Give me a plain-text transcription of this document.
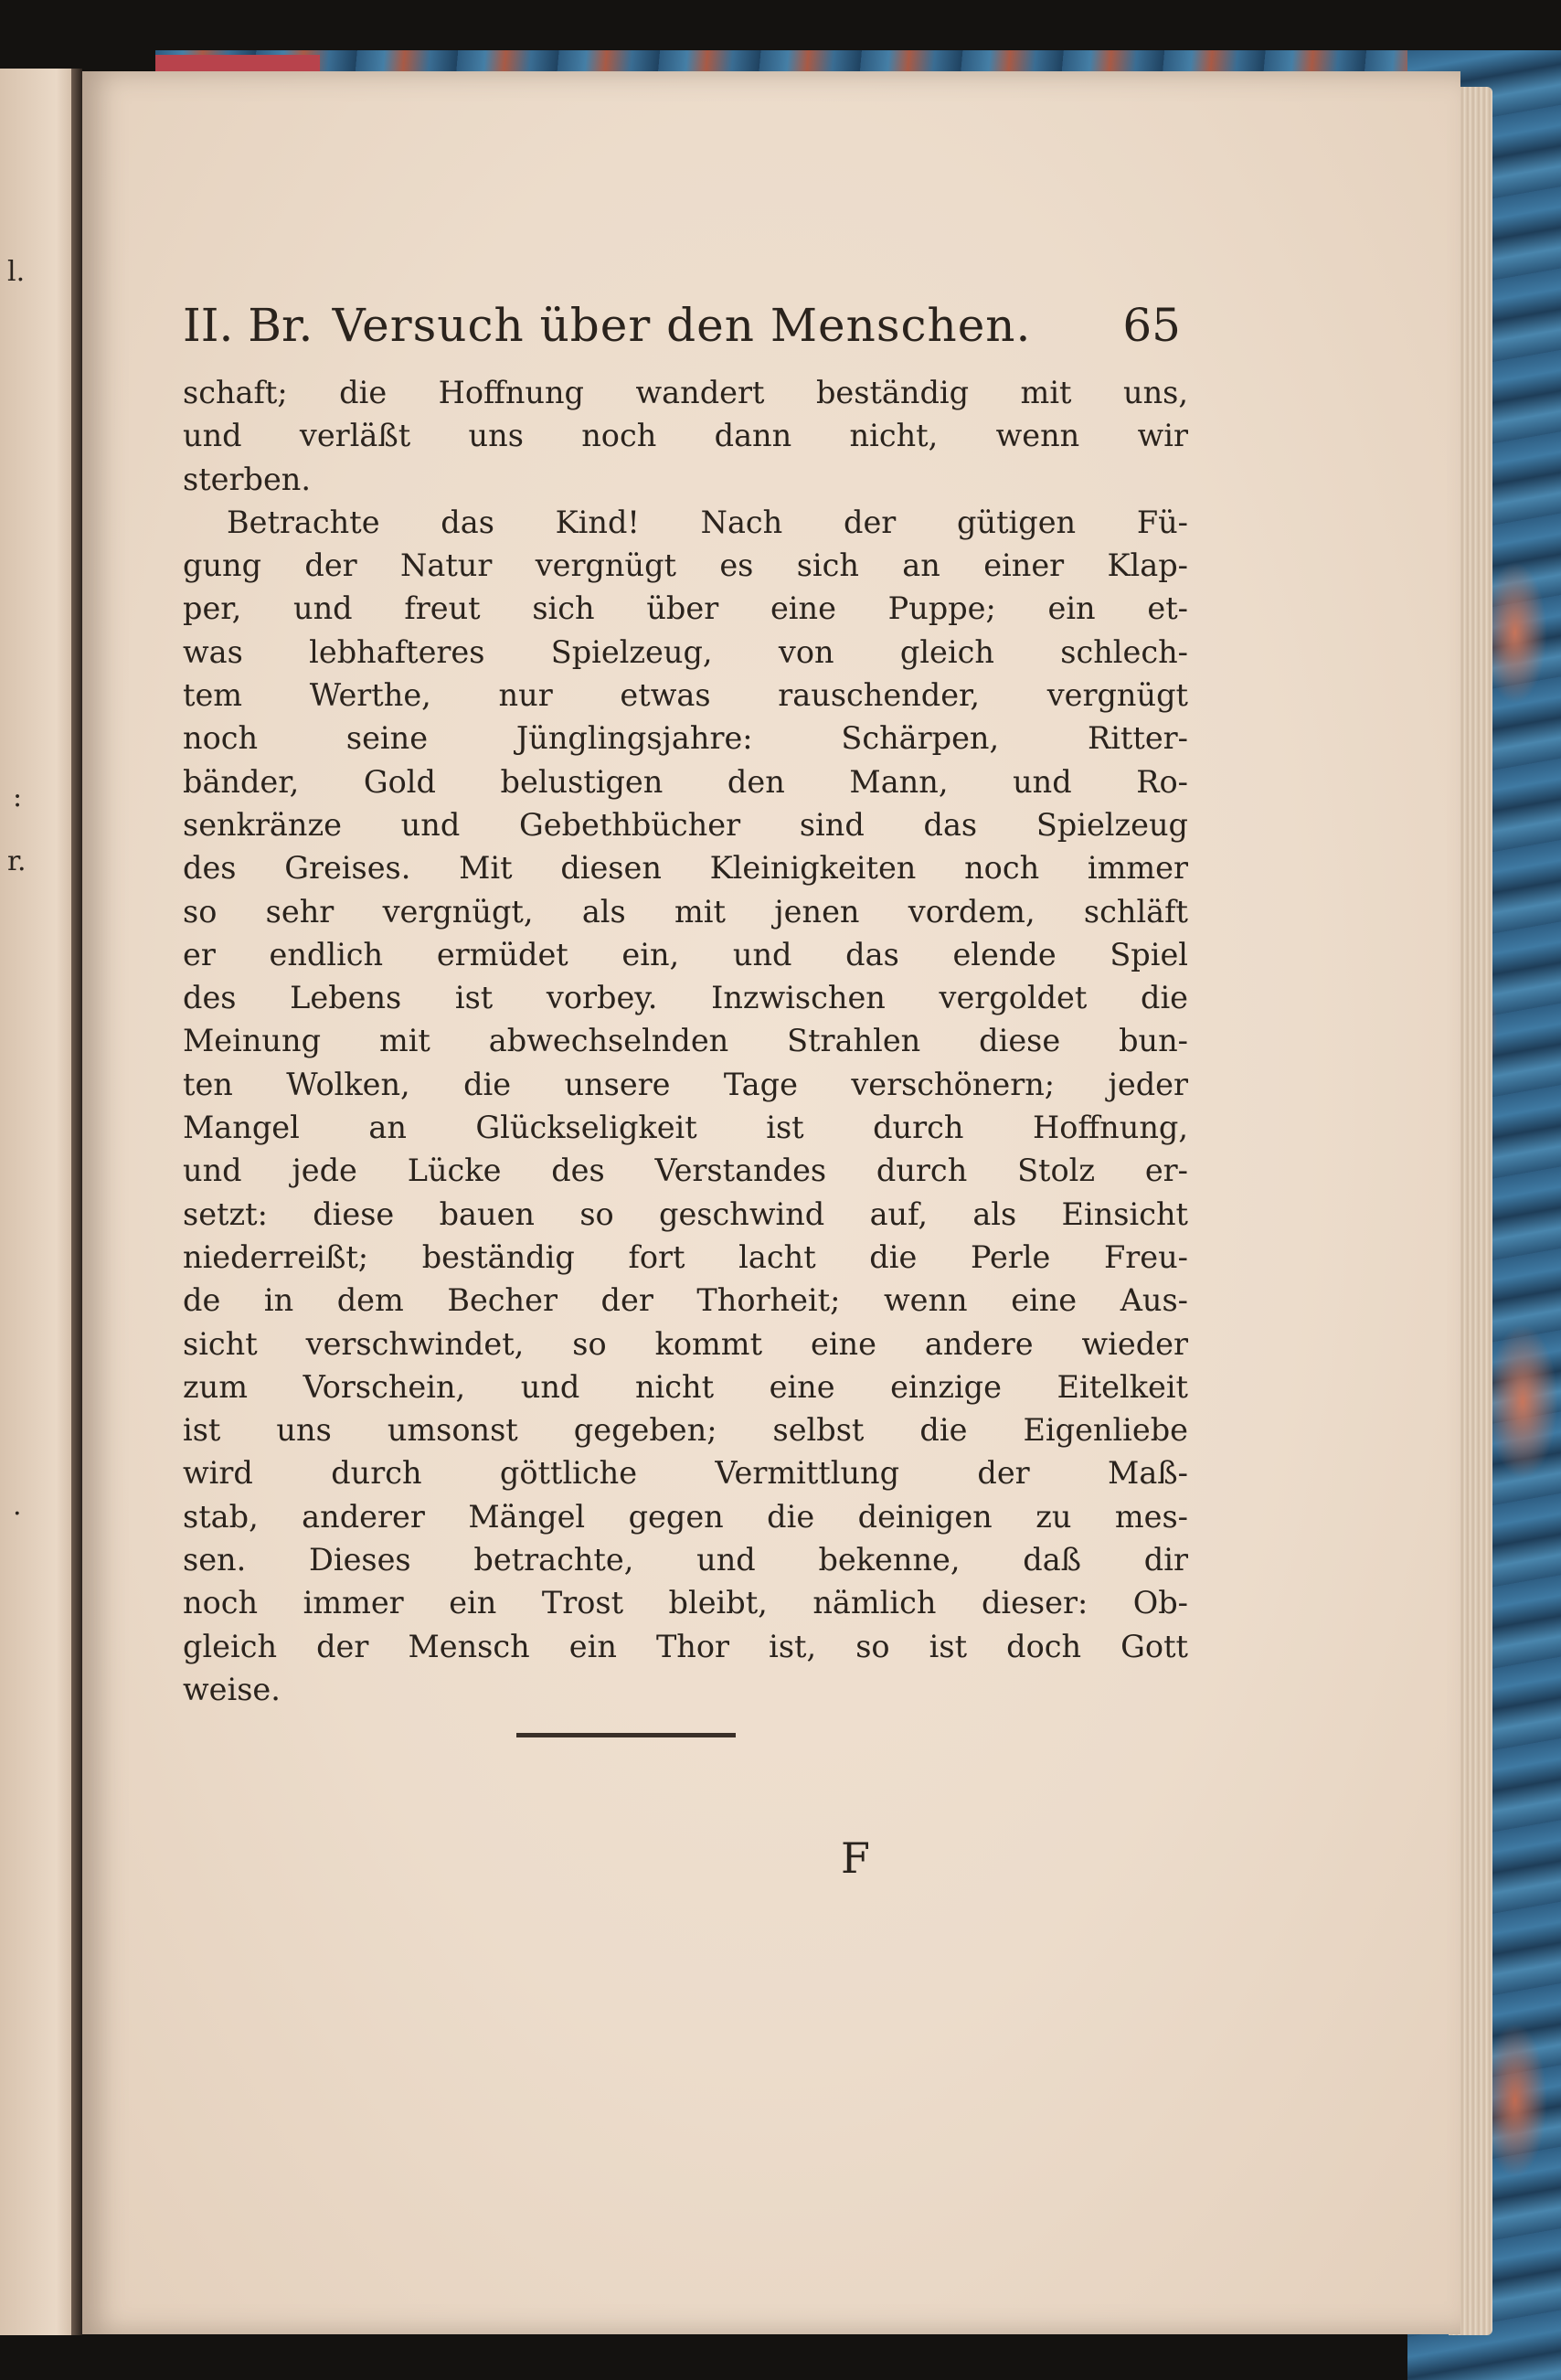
l.
:
r.
.
II. Br. Versuch über den Menschen.	65
schaft; die Hoffnung wandert beständig mit uns,
und verläßt uns noch dann nicht, wenn wir
sterben.
Betrachte das Kind! Nach der gütigen Fü-
gung der Natur vergnügt es sich an einer Klap-
per, und freut sich über eine Puppe; ein et-
was lebhafteres Spielzeug, von gleich schlech-
tem Werthe, nur etwas rauschender, vergnügt
noch seine Jünglingsjahre: Schärpen, Ritter-
bänder, Gold belustigen den Mann, und Ro-
senkränze und Gebethbücher sind das Spielzeug
des Greises. Mit diesen Kleinigkeiten noch immer
so sehr vergnügt, als mit jenen vordem, schläft
er endlich ermüdet ein, und das elende Spiel
des Lebens ist vorbey. Inzwischen vergoldet die
Meinung mit abwechselnden Strahlen diese bun-
ten Wolken, die unsere Tage verschönern; jeder
Mangel an Glückseligkeit ist durch Hoffnung,
und jede Lücke des Verstandes durch Stolz er-
setzt: diese bauen so geschwind auf, als Einsicht
niederreißt; beständig fort lacht die Perle Freu-
de in dem Becher der Thorheit; wenn eine Aus-
sicht verschwindet, so kommt eine andere wieder
zum Vorschein, und nicht eine einzige Eitelkeit
ist uns umsonst gegeben; selbst die Eigenliebe
wird durch göttliche Vermittlung der Maß-
stab, anderer Mängel gegen die deinigen zu mes-
sen. Dieses betrachte, und bekenne, daß dir
noch immer ein Trost bleibt, nämlich dieser: Ob-
gleich der Mensch ein Thor ist, so ist doch Gott
weise.
F
